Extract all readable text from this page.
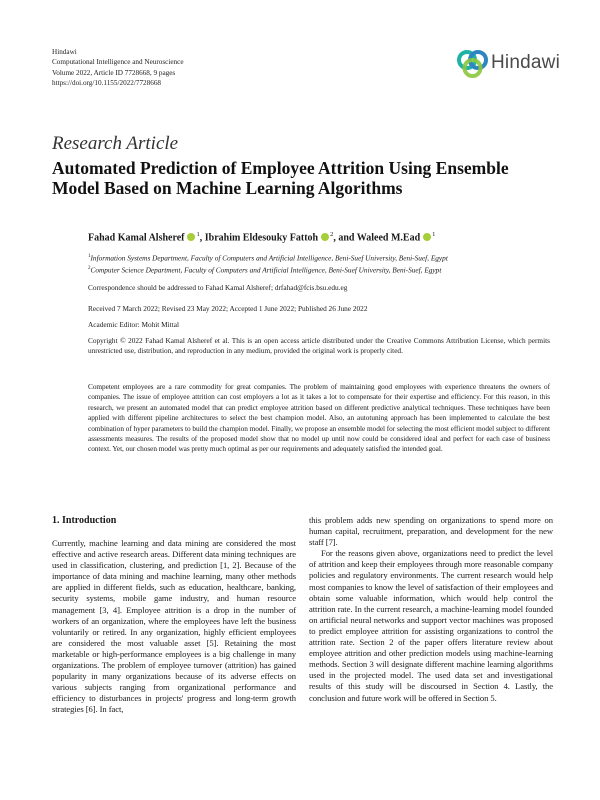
Hindawi
Computational Intelligence and Neuroscience
Volume 2022, Article ID 7728668, 9 pages
https://doi.org/10.1155/2022/7728668
Hindawi
Research Article
Automated Prediction of Employee Attrition Using Ensemble Model Based on Machine Learning Algorithms
Fahad Kamal Alsheref $^1$, Ibrahim Eldesouky Fattoh $^2$, and Waleed M.Ead $^1$
$^1$Information Systems Department, Faculty of Computers and Artificial Intelligence, Beni-Suef University, Beni-Suef, Egypt
$^2$Computer Science Department, Faculty of Computers and Artificial Intelligence, Beni-Suef University, Beni-Suef, Egypt
Correspondence should be addressed to Fahad Kamal Alsheref; drfahad@fcis.bsu.edu.eg
Received 7 March 2022; Revised 23 May 2022; Accepted 1 June 2022; Published 26 June 2022
Academic Editor: Mohit Mittal
Copyright © 2022 Fahad Kamal Alsheref et al. This is an open access article distributed under the Creative Commons Attribution License, which permits unrestricted use, distribution, and reproduction in any medium, provided the original work is properly cited.
Competent employees are a rare commodity for great companies. The problem of maintaining good employees with experience threatens the owners of companies. The issue of employee attrition can cost employers a lot as it takes a lot to compensate for their expertise and efficiency. For this reason, in this research, we present an automated model that can predict employee attrition based on different predictive analytical techniques. These techniques have been applied with different pipeline architectures to select the best champion model. Also, an autotuning approach has been implemented to calculate the best combination of hyper parameters to build the champion model. Finally, we propose an ensemble model for selecting the most efficient model subject to different assessments measures. The results of the proposed model show that no model up until now could be considered ideal and perfect for each case of business context. Yet, our chosen model was pretty much optimal as per our requirements and adequately satisfied the intended goal.
1. Introduction

Currently, machine learning and data mining are considered the most effective and active research areas. Different data mining techniques are used in classification, clustering, and prediction [1, 2]. Because of the importance of data mining and machine learning, many other methods are applied in different fields, such as education, healthcare, banking, security systems, mobile game industry, and human resource management [3, 4]. Employee attrition is a drop in the number of workers of an organization, where the employees have left the business voluntarily or retired. In any organization, highly efficient employees are considered the most valuable asset [5]. Retaining the most marketable or high-performance employees is a big challenge in many organizations. The problem of employee turnover (attrition) has gained popularity in many organizations because of its adverse effects on various subjects ranging from organizational performance and efficiency to disturbances in projects' progress and long-term growth strategies [6]. In fact,

this problem adds new spending on organizations to spend more on human capital, recruitment, preparation, and development for the new staff [7].

For the reasons given above, organizations need to predict the level of attrition and keep their employees through more reasonable company policies and regulatory environments. The current research would help most companies to know the level of satisfaction of their employees and obtain some valuable information, which would help control the attrition rate. In the current research, a machine-learning model founded on artificial neural networks and support vector machines was proposed to predict employee attrition for assisting organizations to control the attrition rate. Section 2 of the paper offers literature review about employee attrition and other prediction models using machine-learning methods. Section 3 will designate different machine learning algorithms used in the projected model. The used data set and investigational results of this study will be discoursed in Section 4. Lastly, the conclusion and future work will be offered in Section 5.
